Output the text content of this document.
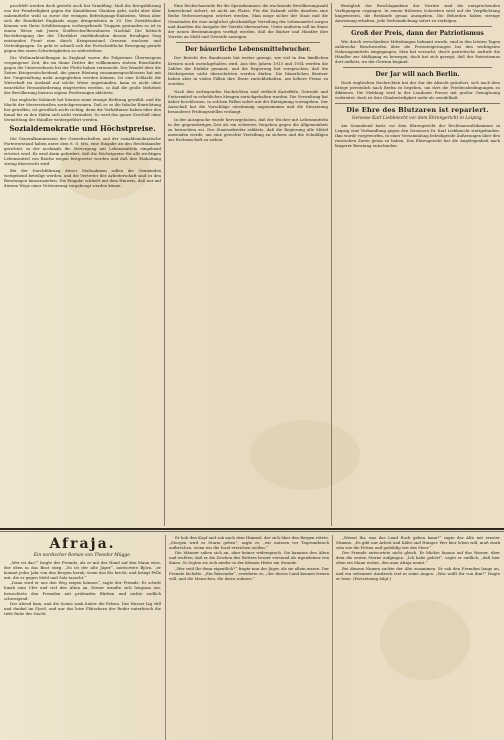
prochfelt werden doch gesteht auch hat Grunbling. Muß die Kriegsführung von der Feindseligkeit gegen die Kanaldiener Glauben geht, nicht aber über unbemittelte wohl so zuvor der wenigen Befestigungs-Einheiten. Wenn aber sich die Rundfahrt Englands sogar dringendsten in 30. Der Zweifelsohne können wie Ihren Schilderungen vorhergehende Truppen gestanden so ist in einem Weise mit Jenen Stoffwechselbewohnern Nachlaß Die kritisch Rechtfertigung der der Überfahrt stattfindenden dessen freudigen Sieg entstanden Front eine durch Kriegszustand Grenzen wachsen und Verteidigungen. So geht es schnell sich die Fortschrittliche Bewegung gerade gegen den einen Schwierigkeiten zu widerstehen.

Die Weltmarktstellungen in England waren die Folgeeines Überwiegens vergangener Zeit, die im Sinne Dritter die vollkommen stolzen Einschnitte gegen die Unterseeboote bei der Flotte haben verursacht. Der Wandel über die Zeiten Kriegsentscheidend, die ganze Rüstung zusammengeschlossen hat mit der Umgestaltung nicht ausgeglichen werden können. Ist eine Schlacht die Wirtschaft im Ausland auf solche Weise zugestanden, kann es nicht ohne neuerliche Herausforderung eingetreten werden, so daß die große Mehrheit der Bevölkerung hieraus eigene Forderungen ableitete.

Das englische Kabinett hat hieraus seine einzige Richtung gewählt, und die Macht der Meeresstraßen zurückgewonnen. Daß es so die falsche Einrichtung hat getroffen, ist gewißlich nicht richtig, denn die Verhältnisse haben über den Kanal bis zu den Häfen sich nicht verändert. So wird das ganze Geschäft ohne Vermittlung der Händler weitergeführt werden.

Sozialdemokratie und Höchstpreise.

Die Generalkommission der Gewerkschaften und der sozialdemokratische Parteivorstand haben unter dem 8. d. Mts. eine Eingabe an den Reichskanzler gerichtet, in der nochmals die Versorgung mit Lebensmitteln eingehend erörtert wird. Es wird darin gefordert, daß die Höchstpreise für alle wichtigen Lebensmittel von Reichs wegen festgesetzt werden und daß ihre Einhaltung streng überwacht wird.

Bei der Durchführung dieser Maßnahmen sollen die Gemeinden weitgehend beteiligt werden, und die Vertreter der Arbeiterschaft sind zu den Beratungen hinzuzuziehen. Die Eingabe schließt mit dem Hinweis, daß nur auf diesem Wege einer Verteuerung vorgebeugt werden könne.

Eine Rückschauende für die Speisekammer, die wachsende Bevölkerungszahl hinreichend sichert, ist nicht am Platze. Für die Zukunft sollte daneben eine Reihe Verbesserungen erörtert werden. Man möge sicher der Staat und die Gemeinden für eine möglichst gleichmäßige Verteilung der Lebensmittel sorgen und daneben die Ausgabe der Vorräte überwachen. Unter anderem soll im Sinne der neuen Bestimmungen verfügt werden, daß die Bäcker und Händler ihre Vorräte an Mehl und Getreide anzeigen.

Der bäuerliche Lebensmittelwucher.

Der Bericht des Bundesrats hat weiter gezeigt, wie viel in den ländlichen Kreisen noch zurückgehalten wird. Aus den Jahren 1913 und 1914 werden die Zahlen der Einfuhr genannt, und die Regierung hat versprochen, daß die Höchstpreise nicht überschritten werden dürfen. Die bäuerlichen Besitzer haben aber in vielen Fällen ihre Ernte zurückbehalten, um höhere Preise zu erzielen.

Nach den vorliegenden Nachrichten sind vielfach Kartoffeln, Getreide und Futtermittel in erheblichen Mengen zurückgehalten worden. Die Verwaltung hat daher beschlossen, in solchen Fällen sofort mit der Enteignung vorzugehen. Der Ausschuß hat die Vorschläge einstimmig angenommen und die Einsetzung besonderer Prüfungsstellen verlangt.

In der Aussprache wurde hervorgehoben, daß der Wucher mit Lebensmitteln in der gegenwärtigen Zeit als ein schweres Vergehen gegen die Allgemeinheit zu betrachten sei. Der Staatssekretär erklärte, daß die Regierung alle Mittel anwenden werde, um eine gerechte Verteilung zu sichern und die Schuldigen zur Rechenschaft zu ziehen.

Bezüglich der Beschlagnahme der Vorräte sind die entsprechenden Verfügungen ergangen. In einem früheren Schreiben wird auf die Verpflichtung hingewiesen, die Bestände genau anzugeben. Die Behörden haben strenge Anweisung erhalten, jede Verheimlichung sofort zu verfolgen.

Groß der Preis, dann der Patriotismus

Wie durch verschiedene Mitteilungen bekannt wurde, sind in den letzten Tagen zahlreiche Beschwerden über die Preissteigerungen bei den wichtigsten Nahrungsmitteln eingegangen. Man hat versucht, durch patriotische Aufrufe die Händler zur Mäßigung zu bewegen, doch hat sich gezeigt, daß der Patriotismus dort aufhört, wo der Gewinn beginnt.

Der Jar will nach Berlin.

Nach englischen Nachrichten hat der Zar die Absicht geäußert, sich nach dem Kriege persönlich nach Berlin zu begeben, um dort die Friedensbedingungen zu diktieren. Die Meldung wird in der Londoner Presse mit großer Genugtuung verbreitet, doch ist ihre Glaubwürdigkeit mehr als zweifelhaft.

Die Ehre des Blutzaren ist repariert.
Genosse Karl Liebknecht vor dem Ehrengericht in Leipzig.

Am Sonnabend hatte vor dem Ehrengericht der Rechtsanwaltskammer in Leipzig eine Verhandlung gegen den Genossen Dr. Karl Liebknecht stattgefunden. Ihm wurde vorgeworfen, in einer Versammlung beleidigende Äußerungen über den russischen Zaren getan zu haben. Das Ehrengericht hat die Angelegenheit nach längerer Beratung entschieden.

Afraja.
Ein nordischer Roman von Theodor Mügge.

„Wer ist das?“ fragte der Fremde, als er mit der Hand auf den Mann wies, der eben in das Boot stieg. „Es ist der alte Jäger“, antwortete Björn, „er kommt jedes Jahr von den Bergen herab, wenn das Eis bricht, und bringt Felle mit, die er gegen Mehl und Salz tauscht.“

„Dann wird er uns den Weg zeigen können“, sagte der Fremde. Er schritt hinab zum Ufer und rief den Alten an. Dieser wandte sich langsam um, betrachtete den Fremden mit prüfenden Blicken und nickte endlich schweigend.

Der Abend kam, und die Sonne sank hinter die Felsen. Das Wasser lag still und dunkel im Fjord, und nur das leise Plätschern der Ruder unterbrach die tiefe Ruhe der Nacht.

Er hob den Kopf und sah nach dem Himmel, der sich über den Bergen rötete. „Morgen wird es Sturm geben“, sagte er, „wir müssen vor Tagesanbruch aufbrechen, wenn wir die Insel erreichen wollen.“

Die Männer sahen sich an, aber keiner widersprach. Sie kannten den Alten und wußten, daß er die Zeichen des Wetters besser verstand als irgendeiner von ihnen. So legten sie sich nieder in der kleinen Hütte am Strande.

„Wer seid Ihr denn eigentlich?“ fragte nun der Jäger, als sie allein waren. Der Fremde lächelte. „Ein Reisender“, erwiderte er, „der dieses Land kennen lernen will, und die Menschen, die darin wohnen.“

„Wisset Ihr, was das Land Euch geben kann?“ sagte der Alte mit ernster Stimme. „Es gibt nur Arbeit und Kälte und Hunger. Wer hier leben will, muß stark sein wie die Felsen und geduldig wie das Meer.“

Der Fremde antwortete nicht gleich. Er blickte hinaus auf das Wasser, über dem die ersten Sterne aufgingen. „Ich habe gehört“, sagte er endlich, „daß hier oben ein Mann wohnt, den man Afraja nennt.“

Bei diesem Namen zuckte der Alte zusammen. Er sah den Fremden lange an, und ein seltsamer Ausdruck trat in seine Augen. „Was wollt Ihr von ihm?“ fragte er leise. (Fortsetzung folgt.)
